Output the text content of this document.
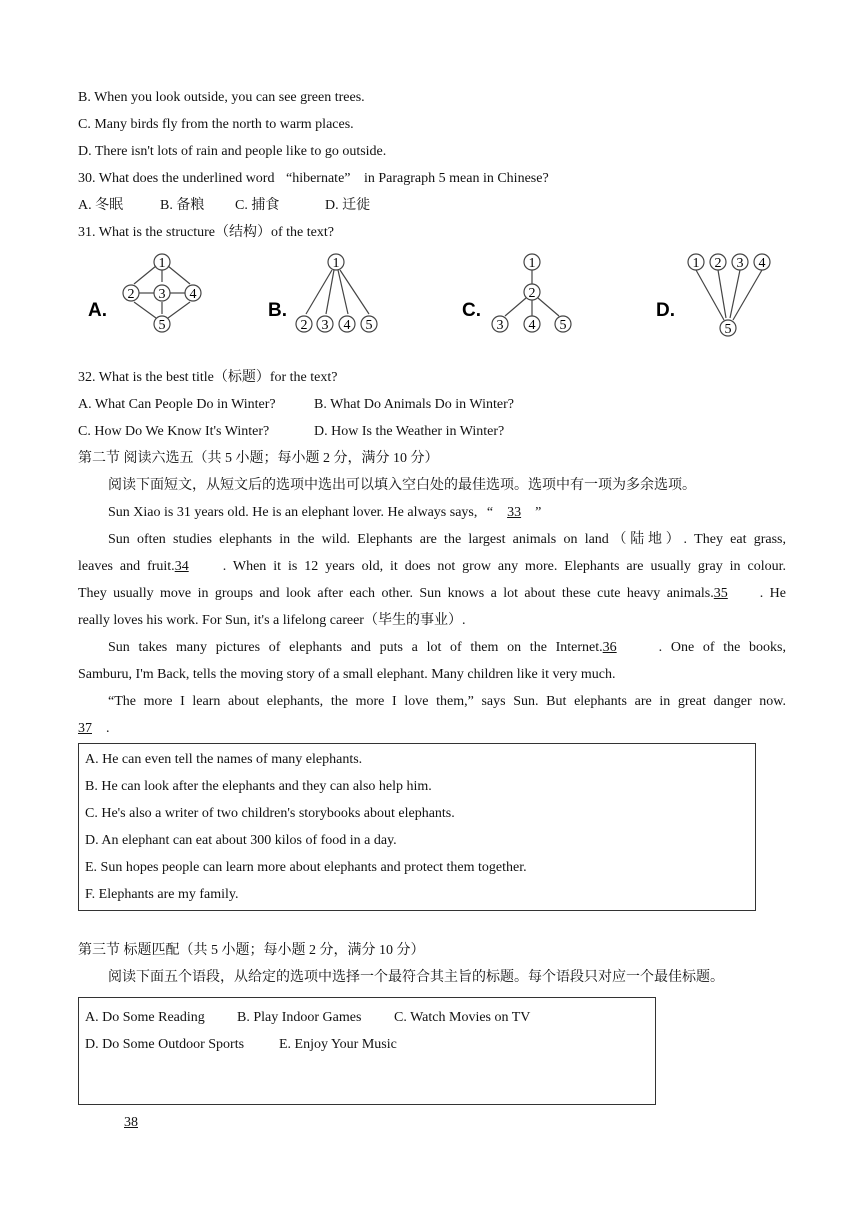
B. When you look outside, you can see green trees.
C. Many birds fly from the north to warm places.
D. There isn't lots of rain and people like to go outside.
30. What does the underlined word “hibernate” in Paragraph 5 mean in Chinese?
A. 冬眠	B. 备粮 C. 捕食	D. 迁徙
31. What is the structure（结构）of the text?
A.
1
2 3 4
5
B.
1
2 3 4 5
C.
1
2
3 4 5
D.
1 2 3 4
5
32. What is the best title（标题）for the text?
A. What Can People Do in Winter?	B. What Do Animals Do in Winter?
C. How Do We Know It's Winter?	D. How Is the Weather in Winter?
第二节 阅读六选五（共 5 小题；每小题 2 分，满分 10 分）
阅读下面短文，从短文后的选项中选出可以填入空白处的最佳选项。选项中有一项为多余选项。
Sun Xiao is 31 years old. He is an elephant lover. He always says, “ 33 ”
Sun often studies elephants in the wild. Elephants are the largest animals on land（陆地）. They eat grass,
leaves and fruit.34 . When it is 12 years old, it does not grow any more. Elephants are usually gray in colour.
They usually move in groups and look after each other. Sun knows a lot about these cute heavy animals.35 . He
really loves his work. For Sun, it's a lifelong career（毕生的事业）.
Sun takes many pictures of elephants and puts a lot of them on the Internet.36	. One of the books,
Samburu, I'm Back, tells the moving story of a small elephant. Many children like it very much.
“The more I learn about elephants, the more I love them,” says Sun. But elephants are in great danger now.
37 .
A. He can even tell the names of many elephants.
B. He can look after the elephants and they can also help him.
C. He's also a writer of two children's storybooks about elephants.
D. An elephant can eat about 300 kilos of food in a day.
E. Sun hopes people can learn more about elephants and protect them together.
F. Elephants are my family.
第三节 标题匹配（共 5 小题；每小题 2 分，满分 10 分）
阅读下面五个语段，从给定的选项中选择一个最符合其主旨的标题。每个语段只对应一个最佳标题。
A. Do Some Reading B. Play Indoor Games C. Watch Movies on TV
D. Do Some Outdoor Sports E. Enjoy Your Music
38
